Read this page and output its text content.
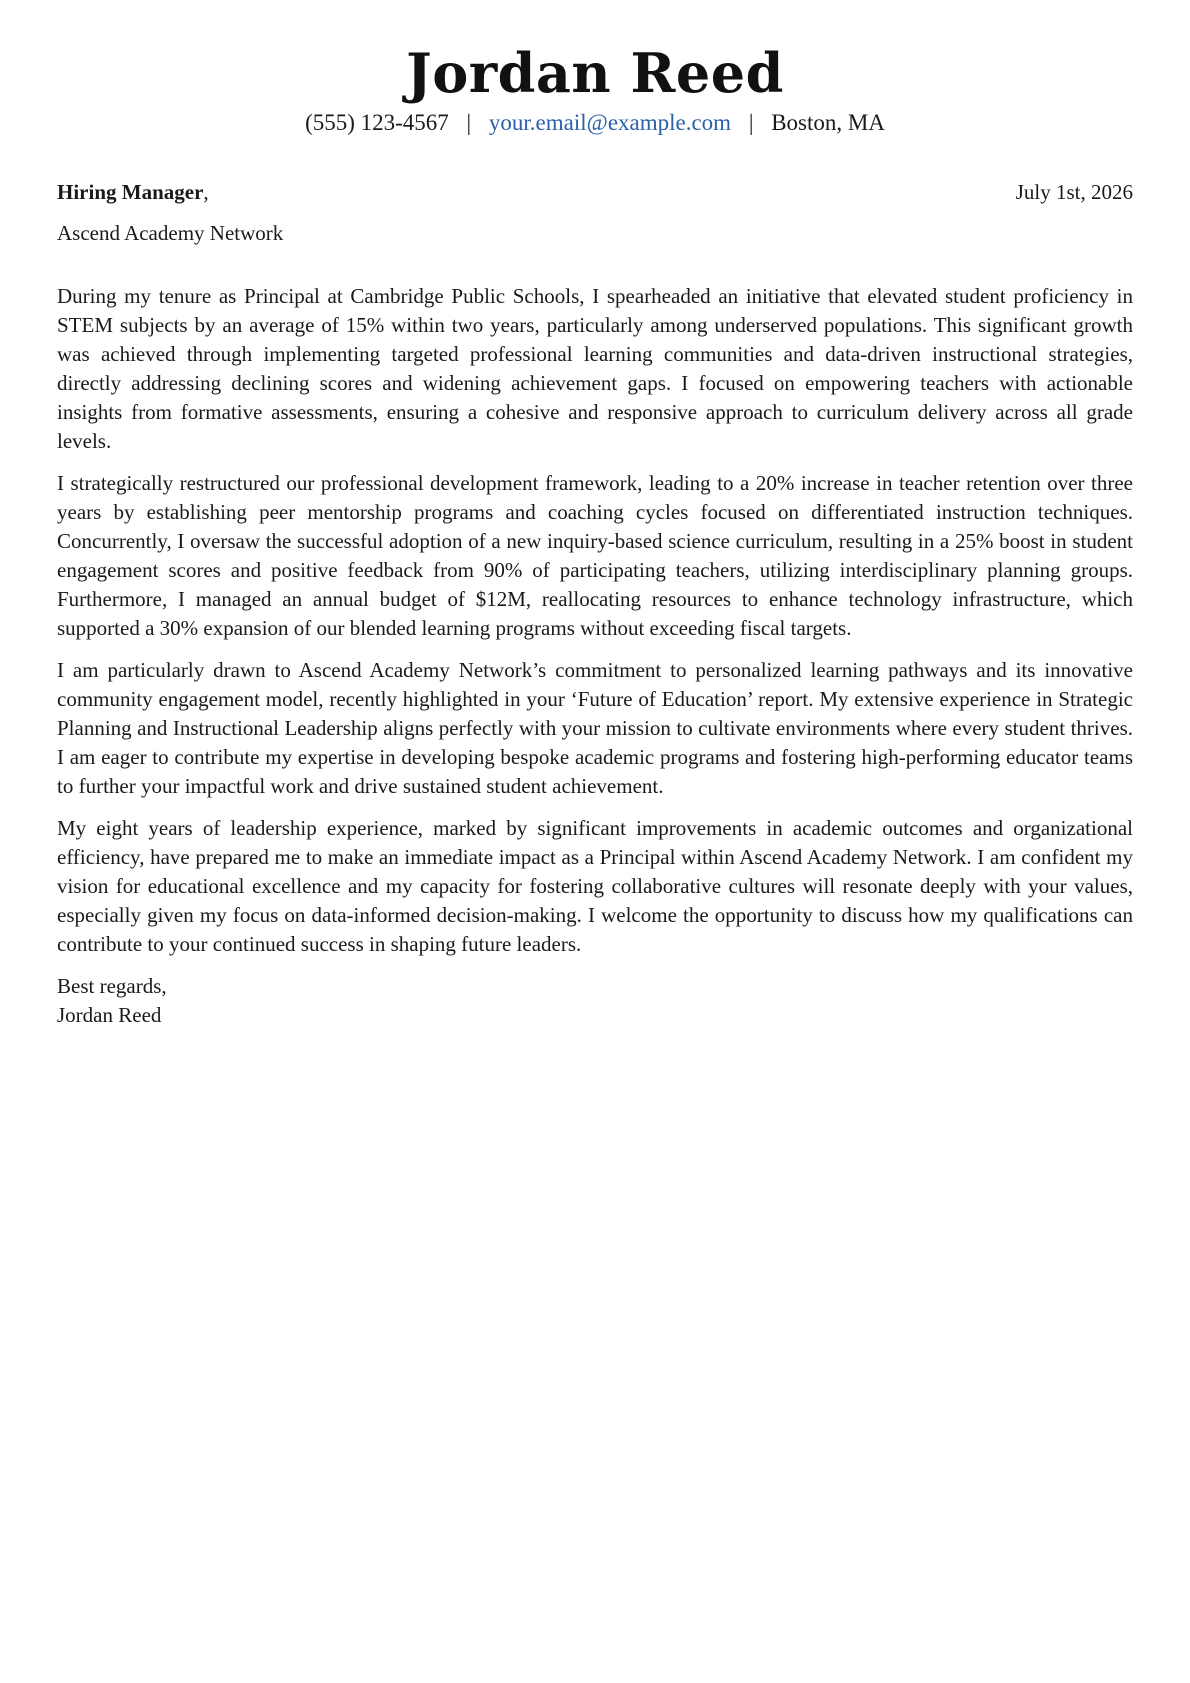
Jordan Reed
(555) 123-4567 | your.email@example.com | Boston, MA
Hiring Manager,	July 1st, 2026
Ascend Academy Network

During my tenure as Principal at Cambridge Public Schools, I spearheaded an initiative that elevated student proficiency in STEM subjects by an average of 15% within two years, particularly among underserved populations. This significant growth was achieved through implementing targeted professional learning communities and data-driven instructional strategies, directly addressing declining scores and widening achievement gaps. I focused on empowering teachers with actionable insights from formative assessments, ensuring a cohesive and responsive approach to curriculum delivery across all grade levels.

I strategically restructured our professional development framework, leading to a 20% increase in teacher retention over three years by establishing peer mentorship programs and coaching cycles focused on differentiated instruction techniques. Concurrently, I oversaw the successful adoption of a new inquiry-based science curriculum, resulting in a 25% boost in student engagement scores and positive feedback from 90% of participating teachers, utilizing interdisciplinary planning groups. Furthermore, I managed an annual budget of $12M, reallocating resources to enhance technology infrastructure, which supported a 30% expansion of our blended learning programs without exceeding fiscal targets.

I am particularly drawn to Ascend Academy Network’s commitment to personalized learning pathways and its innovative community engagement model, recently highlighted in your ‘Future of Education’ report. My extensive experience in Strategic Planning and Instructional Leadership aligns perfectly with your mission to cultivate environments where every student thrives. I am eager to contribute my expertise in developing bespoke academic programs and fostering high-performing educator teams to further your impactful work and drive sustained student achievement.

My eight years of leadership experience, marked by significant improvements in academic outcomes and organizational efficiency, have prepared me to make an immediate impact as a Principal within Ascend Academy Network. I am confident my vision for educational excellence and my capacity for fostering collaborative cultures will resonate deeply with your values, especially given my focus on data-informed decision-making. I welcome the opportunity to discuss how my qualifications can contribute to your continued success in shaping future leaders.

Best regards,
Jordan Reed
